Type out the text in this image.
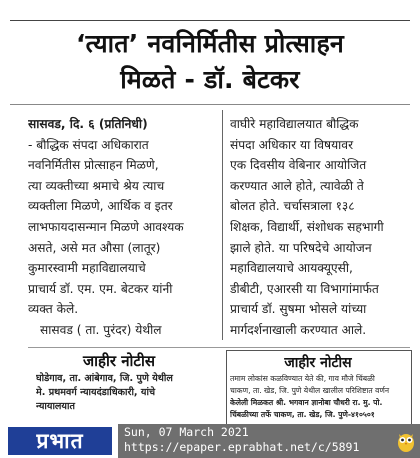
‘त्यात’ नवनिर्मितीस प्रोत्साहन
मिळते - डॉ. बेटकर
सासवड, दि. ६ (प्रतिनिधी)
- बौद्धिक संपदा अधिकारात
नवनिर्मितीस प्रोत्साहन मिळणे,
त्या व्यक्तीच्या श्रमाचे श्रेय त्याच
व्यक्तीला मिळणे, आर्थिक व इतर
लाभफायदासन्मान मिळणे आवश्यक
असते, असे मत औसा (लातूर)
कुमारस्वामी महाविद्यालयाचे
प्राचार्य डॉ. एम. एम. बेटकर यांनी
व्यक्त केले.
सासवड ( ता. पुरंदर) येथील
वाघीरे महाविद्यालयात बौद्धिक
संपदा अधिकार या विषयावर
एक दिवसीय वेबिनार आयोजित
करण्यात आले होते, त्यावेळी ते
बोलत होते. चर्चासत्राला १३८
शिक्षक, विद्यार्थी, संशोधक सहभागी
झाले होते. या परिषदेचे आयोजन
महाविद्यालयाचे आयक्यूएसी,
डीबीटी, एआरसी या विभागांमार्फत
प्राचार्य डॉ. सुषमा भोसले यांच्या
मार्गदर्शनाखाली करण्यात आले.
जाहीर नोटीस
घोडेगाव, ता. आंबेगाव, जि. पुणे येथील
मे. प्रथमवर्ग न्यायदंडाधिकारी, यांचे
न्यायालयात
जाहीर नोटीस
तमाम लोकांस कळविण्यात येते की, गाव मौजे चिंबळी
चाकण, ता. खेड, जि. पुणे येथील खालील परिशिष्टात वर्णन
केलेली मिळकत श्री. भगवान ज्ञानोबा चौधरी रा. मु. पो.
चिंबळीच्या तर्फे चाकण, ता. खेड, जि. पुणे-४१०५०१
प्रभात	Sun, 07 March 2021
https://epaper.eprabhat.net/c/5891
